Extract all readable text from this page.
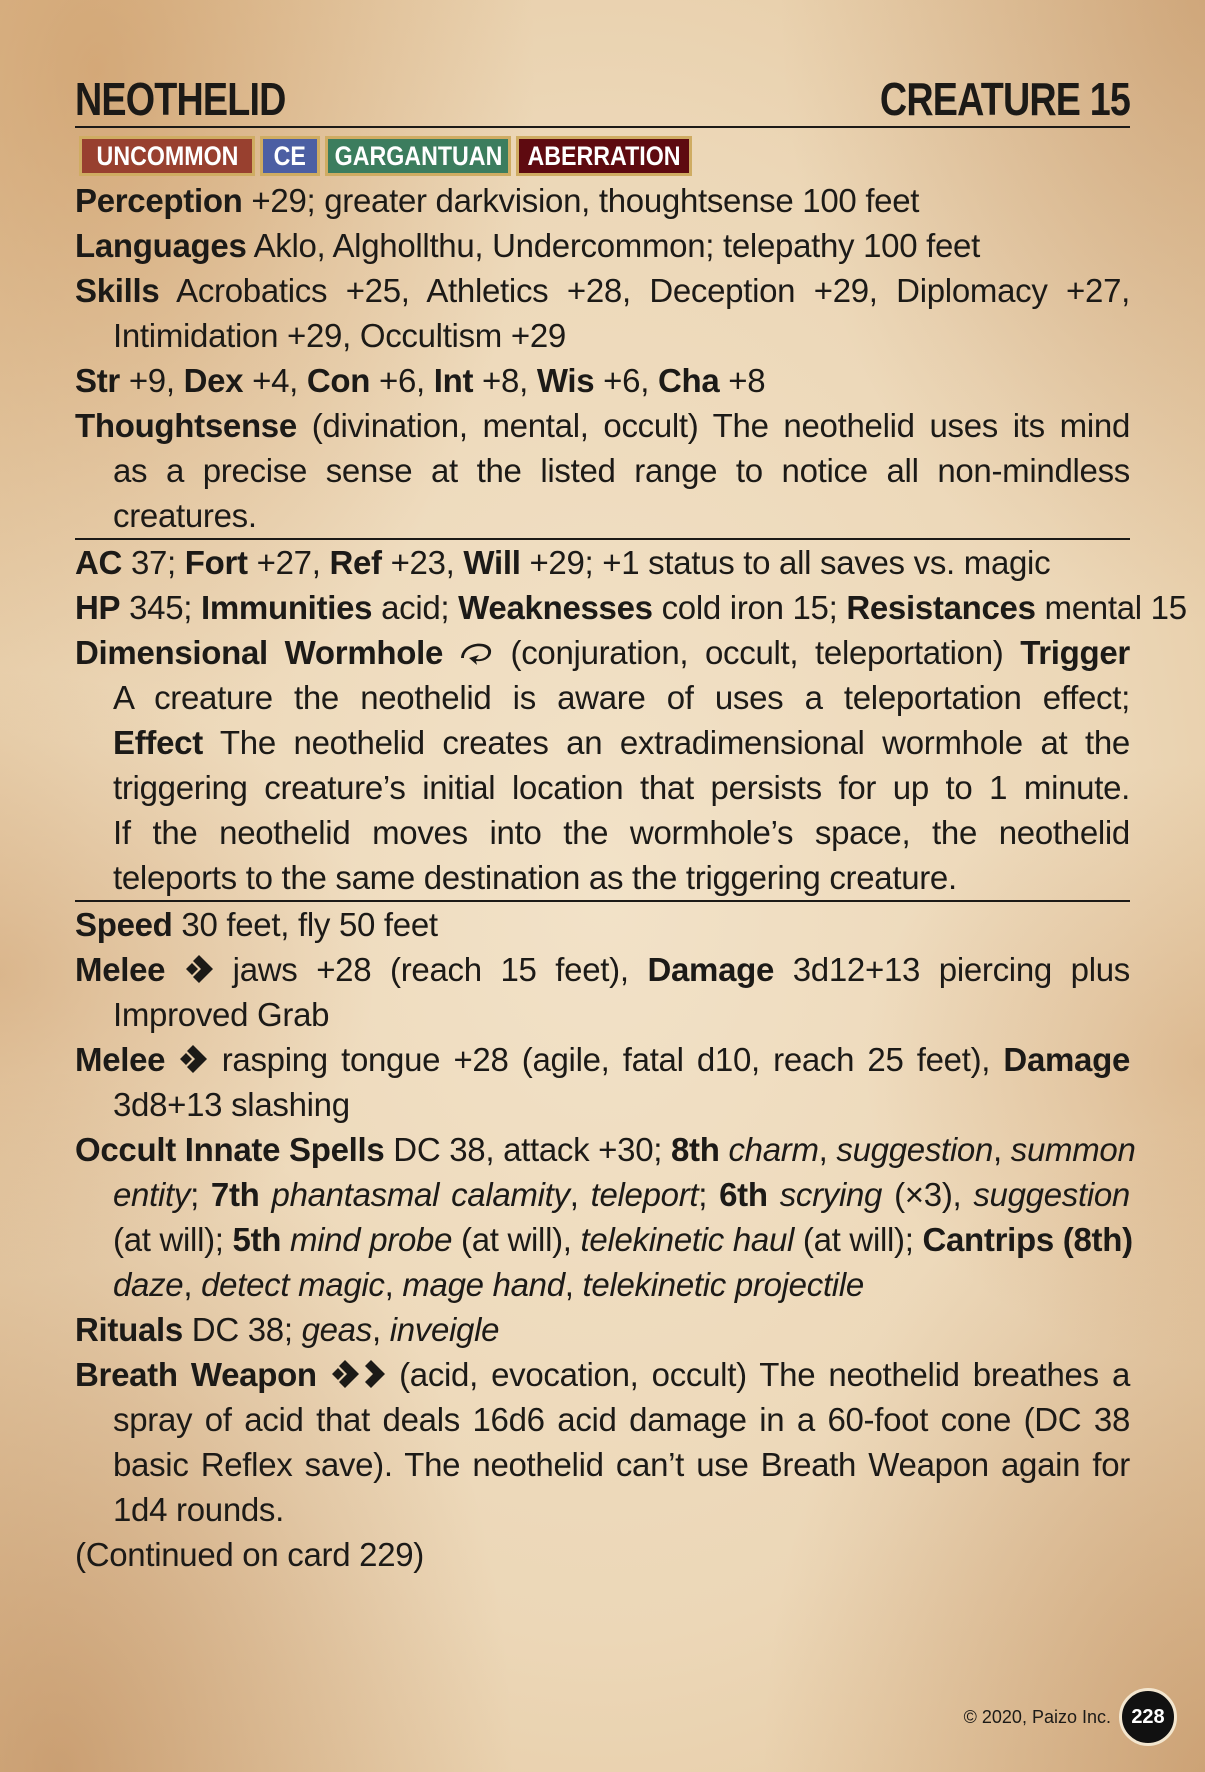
NEOTHELID	CREATURE 15
UNCOMMON CE GARGANTUAN ABERRATION
Perception +29; greater darkvision, thoughtsense 100 feet
Languages Aklo, Alghollthu, Undercommon; telepathy 100 feet
Skills Acrobatics +25, Athletics +28, Deception +29, Diplomacy +27,
Intimidation +29, Occultism +29
Str +9, Dex +4, Con +6, Int +8, Wis +6, Cha +8
Thoughtsense (divination, mental, occult) The neothelid uses its mind
as a precise sense at the listed range to notice all non-mindless
creatures.
AC 37; Fort +27, Ref +23, Will +29; +1 status to all saves vs. magic
HP 345; Immunities acid; Weaknesses cold iron 15; Resistances mental 15
Dimensional Wormhole  (conjuration, occult, teleportation) Trigger
A creature the neothelid is aware of uses a teleportation effect;
Effect The neothelid creates an extradimensional wormhole at the
triggering creature’s initial location that persists for up to 1 minute.
If the neothelid moves into the wormhole’s space, the neothelid
teleports to the same destination as the triggering creature.
Speed 30 feet, fly 50 feet
Melee  jaws +28 (reach 15 feet), Damage 3d12+13 piercing plus
Improved Grab
Melee  rasping tongue +28 (agile, fatal d10, reach 25 feet), Damage
3d8+13 slashing
Occult Innate Spells DC 38, attack +30; 8th charm, suggestion, summon
entity; 7th phantasmal calamity, teleport; 6th scrying (×3), suggestion
(at will); 5th mind probe (at will), telekinetic haul (at will); Cantrips (8th)
daze, detect magic, mage hand, telekinetic projectile
Rituals DC 38; geas, inveigle
Breath Weapon  (acid, evocation, occult) The neothelid breathes a
spray of acid that deals 16d6 acid damage in a 60-foot cone (DC 38
basic Reflex save). The neothelid can’t use Breath Weapon again for
1d4 rounds.
(Continued on card 229)
© 2020, Paizo Inc.	228
